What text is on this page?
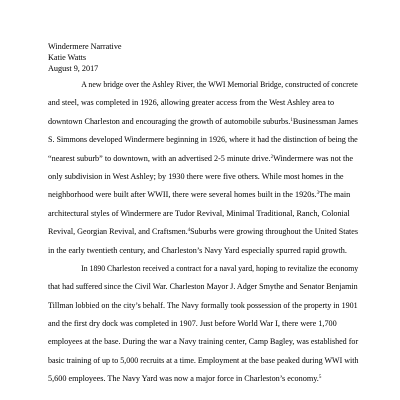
Windermere Narrative
Katie Watts
August 9, 2017
A new bridge over the Ashley River, the WWI Memorial Bridge, constructed of concrete
and steel, was completed in 1926, allowing greater access from the West Ashley area to
downtown Charleston and encouraging the growth of automobile suburbs.$^1$Businessman James
S. Simmons developed Windermere beginning in 1926, where it had the distinction of being the
“nearest suburb” to downtown, with an advertised 2-5 minute drive.$^2$Windermere was not the
only subdivision in West Ashley; by 1930 there were five others. While most homes in the
neighborhood were built after WWII, there were several homes built in the 1920s.$^3$The main
architectural styles of Windermere are Tudor Revival, Minimal Traditional, Ranch, Colonial
Revival, Georgian Revival, and Craftsmen.$^4$Suburbs were growing throughout the United States
in the early twentieth century, and Charleston’s Navy Yard especially spurred rapid growth.
In 1890 Charleston received a contract for a naval yard, hoping to revitalize the economy
that had suffered since the Civil War. Charleston Mayor J. Adger Smythe and Senator Benjamin
Tillman lobbied on the city’s behalf. The Navy formally took possession of the property in 1901
and the first dry dock was completed in 1907. Just before World War I, there were 1,700
employees at the base. During the war a Navy training center, Camp Bagley, was established for
basic training of up to 5,000 recruits at a time. Employment at the base peaked during WWI with
5,600 employees. The Navy Yard was now a major force in Charleston’s economy.$^5$
